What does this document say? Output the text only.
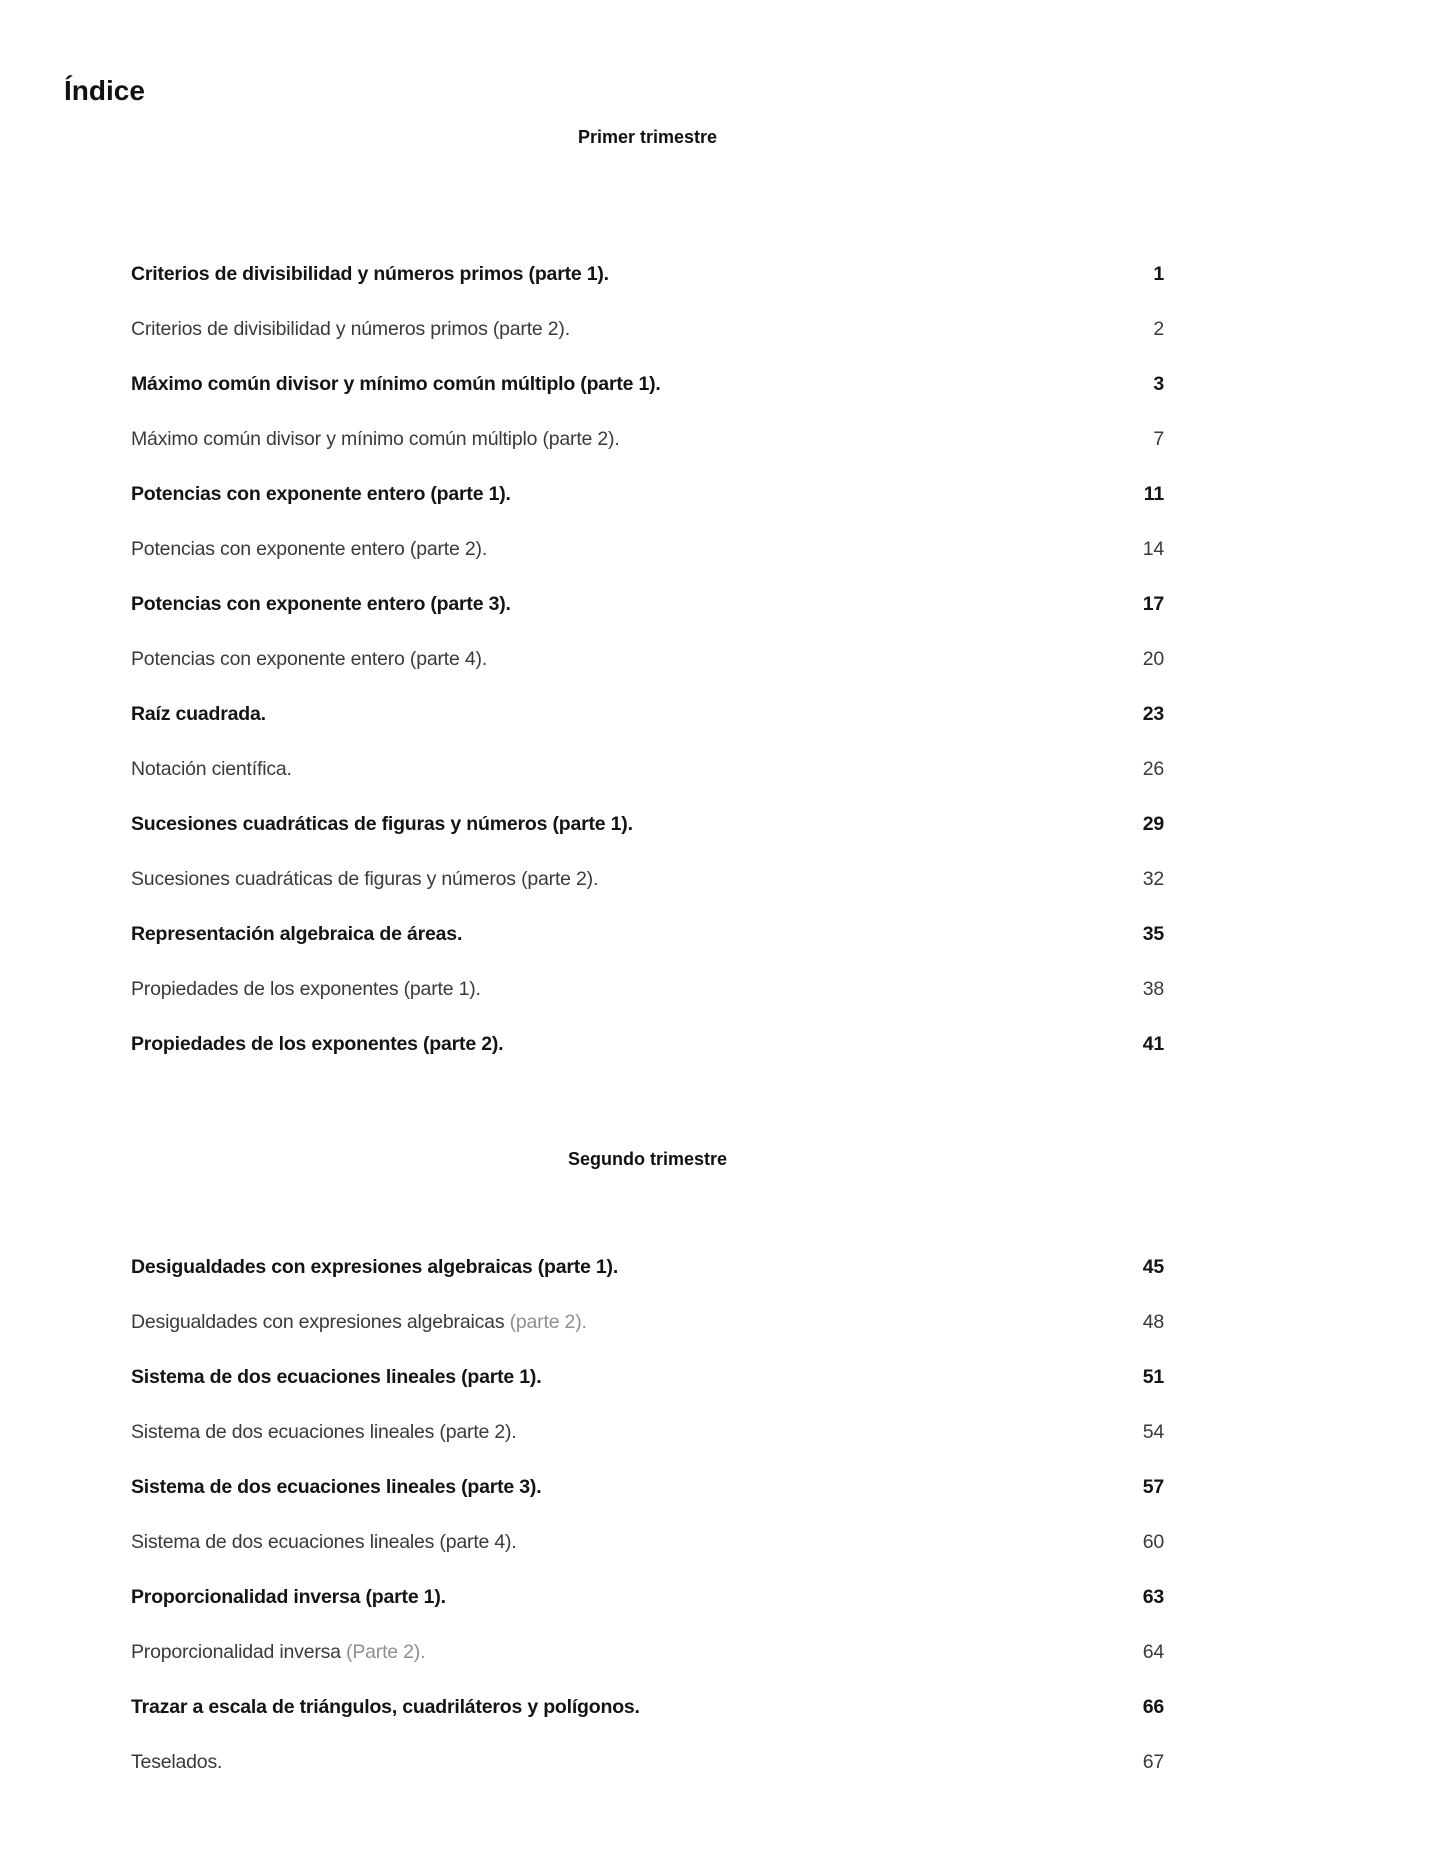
Índice
Primer trimestre
Criterios de divisibilidad y números primos (parte 1).	1
Criterios de divisibilidad y números primos (parte 2).	2
Máximo común divisor y mínimo común múltiplo (parte 1).	3
Máximo común divisor y mínimo común múltiplo (parte 2).	7
Potencias con exponente entero (parte 1).	11
Potencias con exponente entero (parte 2).	14
Potencias con exponente entero (parte 3).	17
Potencias con exponente entero (parte 4).	20
Raíz cuadrada.	23
Notación científica.	26
Sucesiones cuadráticas de figuras y números (parte 1).	29
Sucesiones cuadráticas de figuras y números (parte 2).	32
Representación algebraica de áreas.	35
Propiedades de los exponentes (parte 1).	38
Propiedades de los exponentes (parte 2).	41
Segundo trimestre
Desigualdades con expresiones algebraicas (parte 1).	45
Desigualdades con expresiones algebraicas (parte 2).	48
Sistema de dos ecuaciones lineales (parte 1).	51
Sistema de dos ecuaciones lineales (parte 2).	54
Sistema de dos ecuaciones lineales (parte 3).	57
Sistema de dos ecuaciones lineales (parte 4).	60
Proporcionalidad inversa (parte 1).	63
Proporcionalidad inversa (Parte 2).	64
Trazar a escala de triángulos, cuadriláteros y polígonos.	66
Teselados.	67
